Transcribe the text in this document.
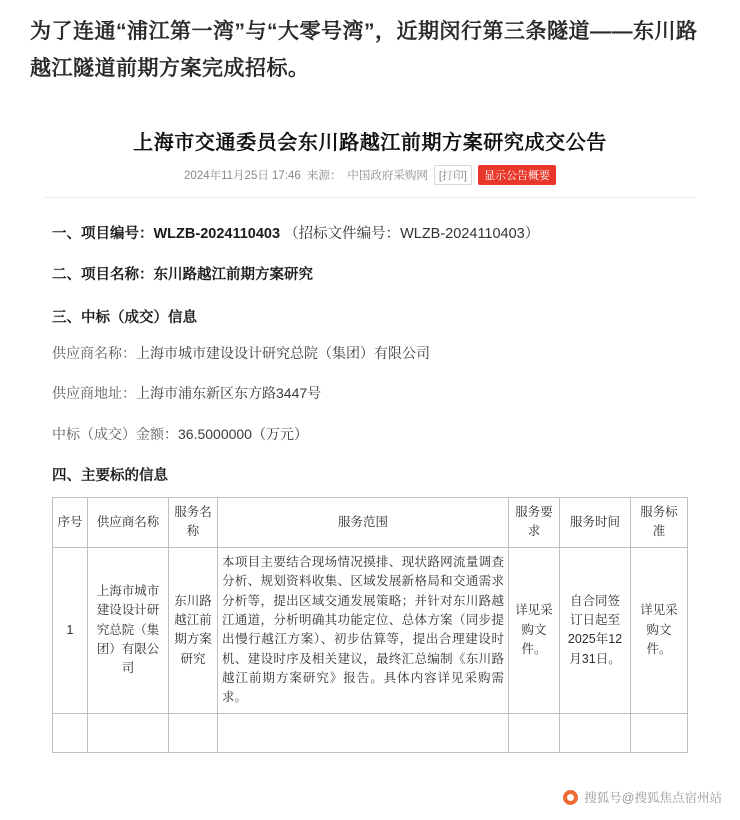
为了连通“浦江第一湾”与“大零号湾”，近期闵行第三条隧道——东川路越江隧道前期方案完成招标。
上海市交通委员会东川路越江前期方案研究成交公告
2024年11月25日 17:46 来源： 中国政府采购网	[打印]	显示公告概要
一、项目编号：WLZB-2024110403 （招标文件编号：WLZB-2024110403）
二、项目名称：东川路越江前期方案研究
三、中标（成交）信息
供应商名称：上海市城市建设设计研究总院（集团）有限公司
供应商地址：上海市浦东新区东方路3447号
中标（成交）金额：36.5000000（万元）
四、主要标的信息
序号	供应商名称	服务名称	服务范围	服务要求	服务时间	服务标准
1	上海市城市建设设计研究总院（集团）有限公司	东川路越江前期方案研究	本项目主要结合现场情况摸排、现状路网流量调查分析、规划资料收集、区域发展新格局和交通需求分析等，提出区域交通发展策略；并针对东川路越江通道，分析明确其功能定位、总体方案（同步提出慢行越江方案）、初步估算等，提出合理建设时机、建设时序及相关建议，最终汇总编制《东川路越江前期方案研究》报告。具体内容详见采购需求。	详见采购文件。	自合同签订日起至2025年12月31日。	详见采购文件。

搜狐号@搜狐焦点宿州站
